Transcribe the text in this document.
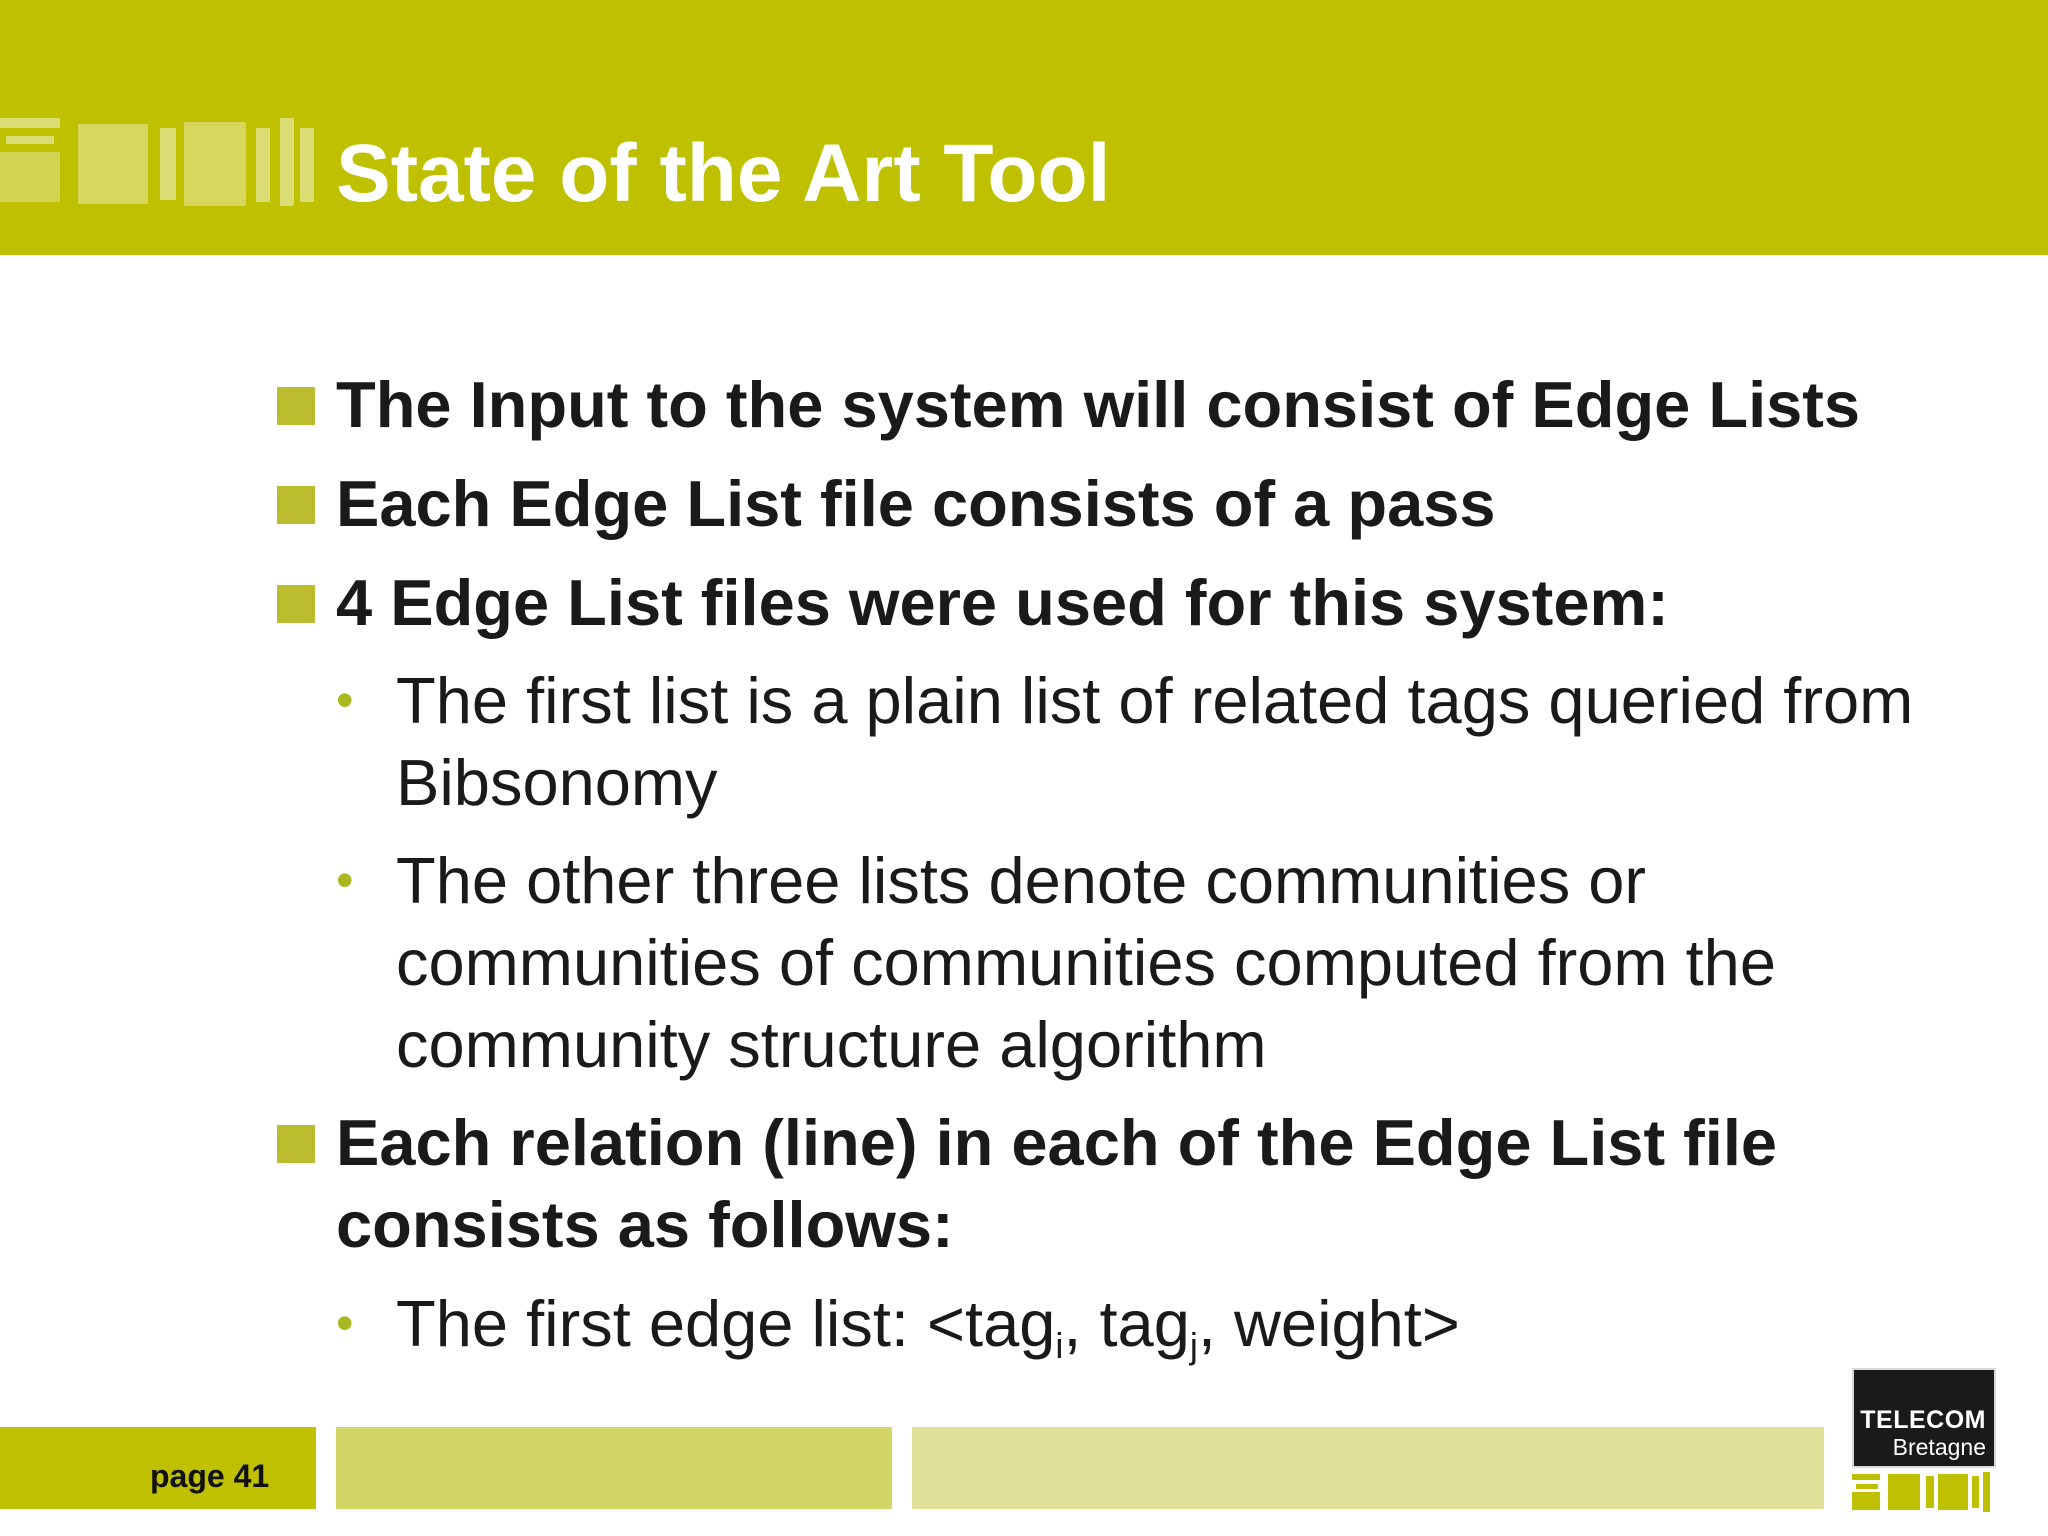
State of the Art Tool
The Input to the system will consist of Edge Lists
Each Edge List file consists of a pass
4 Edge List files were used for this system:
• The first list is a plain list of related tags queried from
Bibsonomy
• The other three lists denote communities or
communities of communities computed from the
community structure algorithm
Each relation (line) in each of the Edge List file
consists as follows:
• The first edge list: <tag$_i$, tag$_j$, weight>
page 41
TELECOM
Bretagne
